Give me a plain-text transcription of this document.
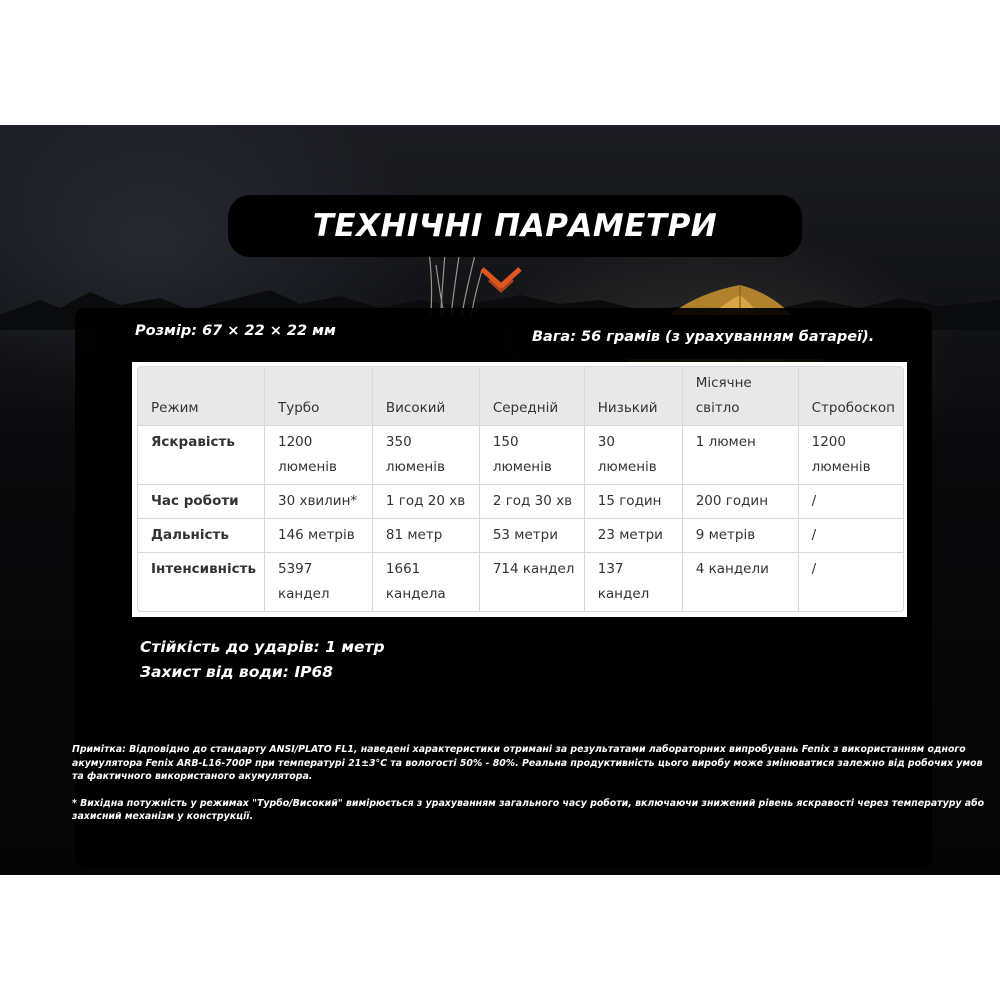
ТЕХНІЧНІ ПАРАМЕТРИ
Розмір: 67 × 22 × 22 мм	Вага: 56 грамів (з урахуванням батареї).
Режим	Турбо	Високий	Середній	Низький	Місячне світло	Стробоскоп
Яскравість	1200 люменів	350 люменів	150 люменів	30 люменів	1 люмен	1200 люменів
Час роботи	30 хвилин*	1 год 20 хв	2 год 30 хв	15 годин	200 годин	/
Дальність	146 метрів	81 метр	53 метри	23 метри	9 метрів	/
Інтенсивність	5397 кандел	1661 кандела	714 кандел	137 кандел	4 кандели	/
Стійкість до ударів: 1 метр
Захист від води: IP68

Примітка: Відповідно до стандарту ANSI/PLATO FL1, наведені характеристики отримані за результатами лабораторних випробувань Fenix з використанням одного акумулятора Fenix ARB-L16-700P при температурі 21±3°C та вологості 50% - 80%. Реальна продуктивність цього виробу може змінюватися залежно від робочих умов та фактичного використаного акумулятора.

* Вихідна потужність у режимах "Турбо/Високий" вимірюється з урахуванням загального часу роботи, включаючи знижений рівень яскравості через температуру або захисний механізм у конструкції.
